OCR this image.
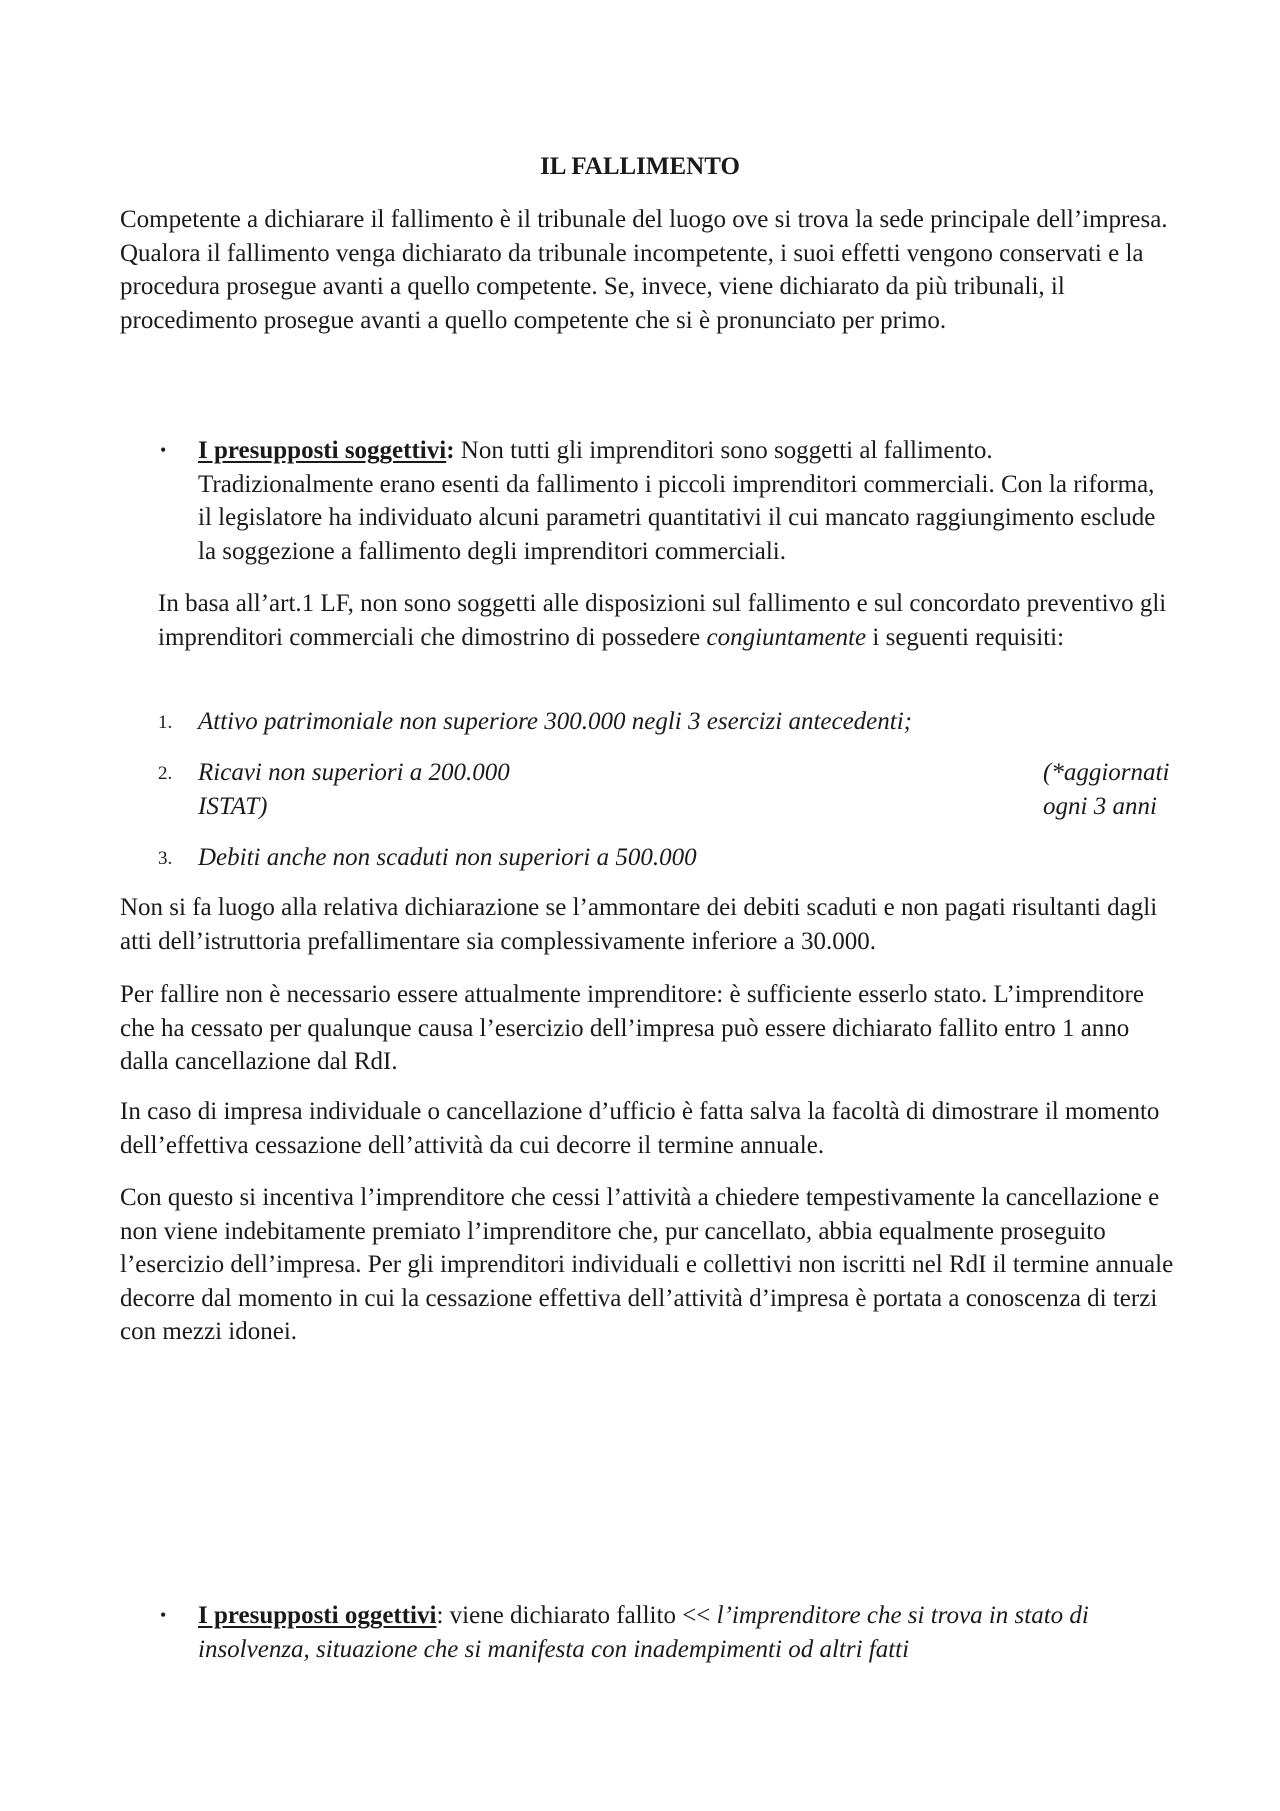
IL FALLIMENTO

Competente a dichiarare il fallimento è il tribunale del luogo ove si trova la sede principale dell’impresa. Qualora il fallimento venga dichiarato da tribunale incompetente, i suoi effetti vengono conservati e la procedura prosegue avanti a quello competente. Se, invece, viene dichiarato da più tribunali, il procedimento prosegue avanti a quello competente che si è pronunciato per primo.

• I presupposti soggettivi: Non tutti gli imprenditori sono soggetti al fallimento. Tradizionalmente erano esenti da fallimento i piccoli imprenditori commerciali. Con la riforma, il legislatore ha individuato alcuni parametri quantitativi il cui mancato raggiungimento esclude la soggezione a fallimento degli imprenditori commerciali.

In basa all’art.1 LF, non sono soggetti alle disposizioni sul fallimento e sul concordato preventivo gli imprenditori commerciali che dimostrino di possedere congiuntamente i seguenti requisiti:

1. Attivo patrimoniale non superiore 300.000 negli 3 esercizi antecedenti;
2. Ricavi non superiori a 200.000	(*aggiornati ogni 3 anni

ISTAT)
3. Debiti anche non scaduti non superiori a 500.000

Non si fa luogo alla relativa dichiarazione se l’ammontare dei debiti scaduti e non pagati risultanti dagli atti dell’istruttoria prefallimentare sia complessivamente inferiore a 30.000.

Per fallire non è necessario essere attualmente imprenditore: è sufficiente esserlo stato. L’imprenditore che ha cessato per qualunque causa l’esercizio dell’impresa può essere dichiarato fallito entro 1 anno dalla cancellazione dal RdI.

In caso di impresa individuale o cancellazione d’ufficio è fatta salva la facoltà di dimostrare il momento dell’effettiva cessazione dell’attività da cui decorre il termine annuale.

Con questo si incentiva l’imprenditore che cessi l’attività a chiedere tempestivamente la cancellazione e non viene indebitamente premiato l’imprenditore che, pur cancellato, abbia equalmente proseguito l’esercizio dell’impresa. Per gli imprenditori individuali e collettivi non iscritti nel RdI il termine annuale decorre dal momento in cui la cessazione effettiva dell’attività d’impresa è portata a conoscenza di terzi con mezzi idonei.

• I presupposti oggettivi: viene dichiarato fallito << l’imprenditore che si trova in stato di insolvenza, situazione che si manifesta con inadempimenti od altri fatti
